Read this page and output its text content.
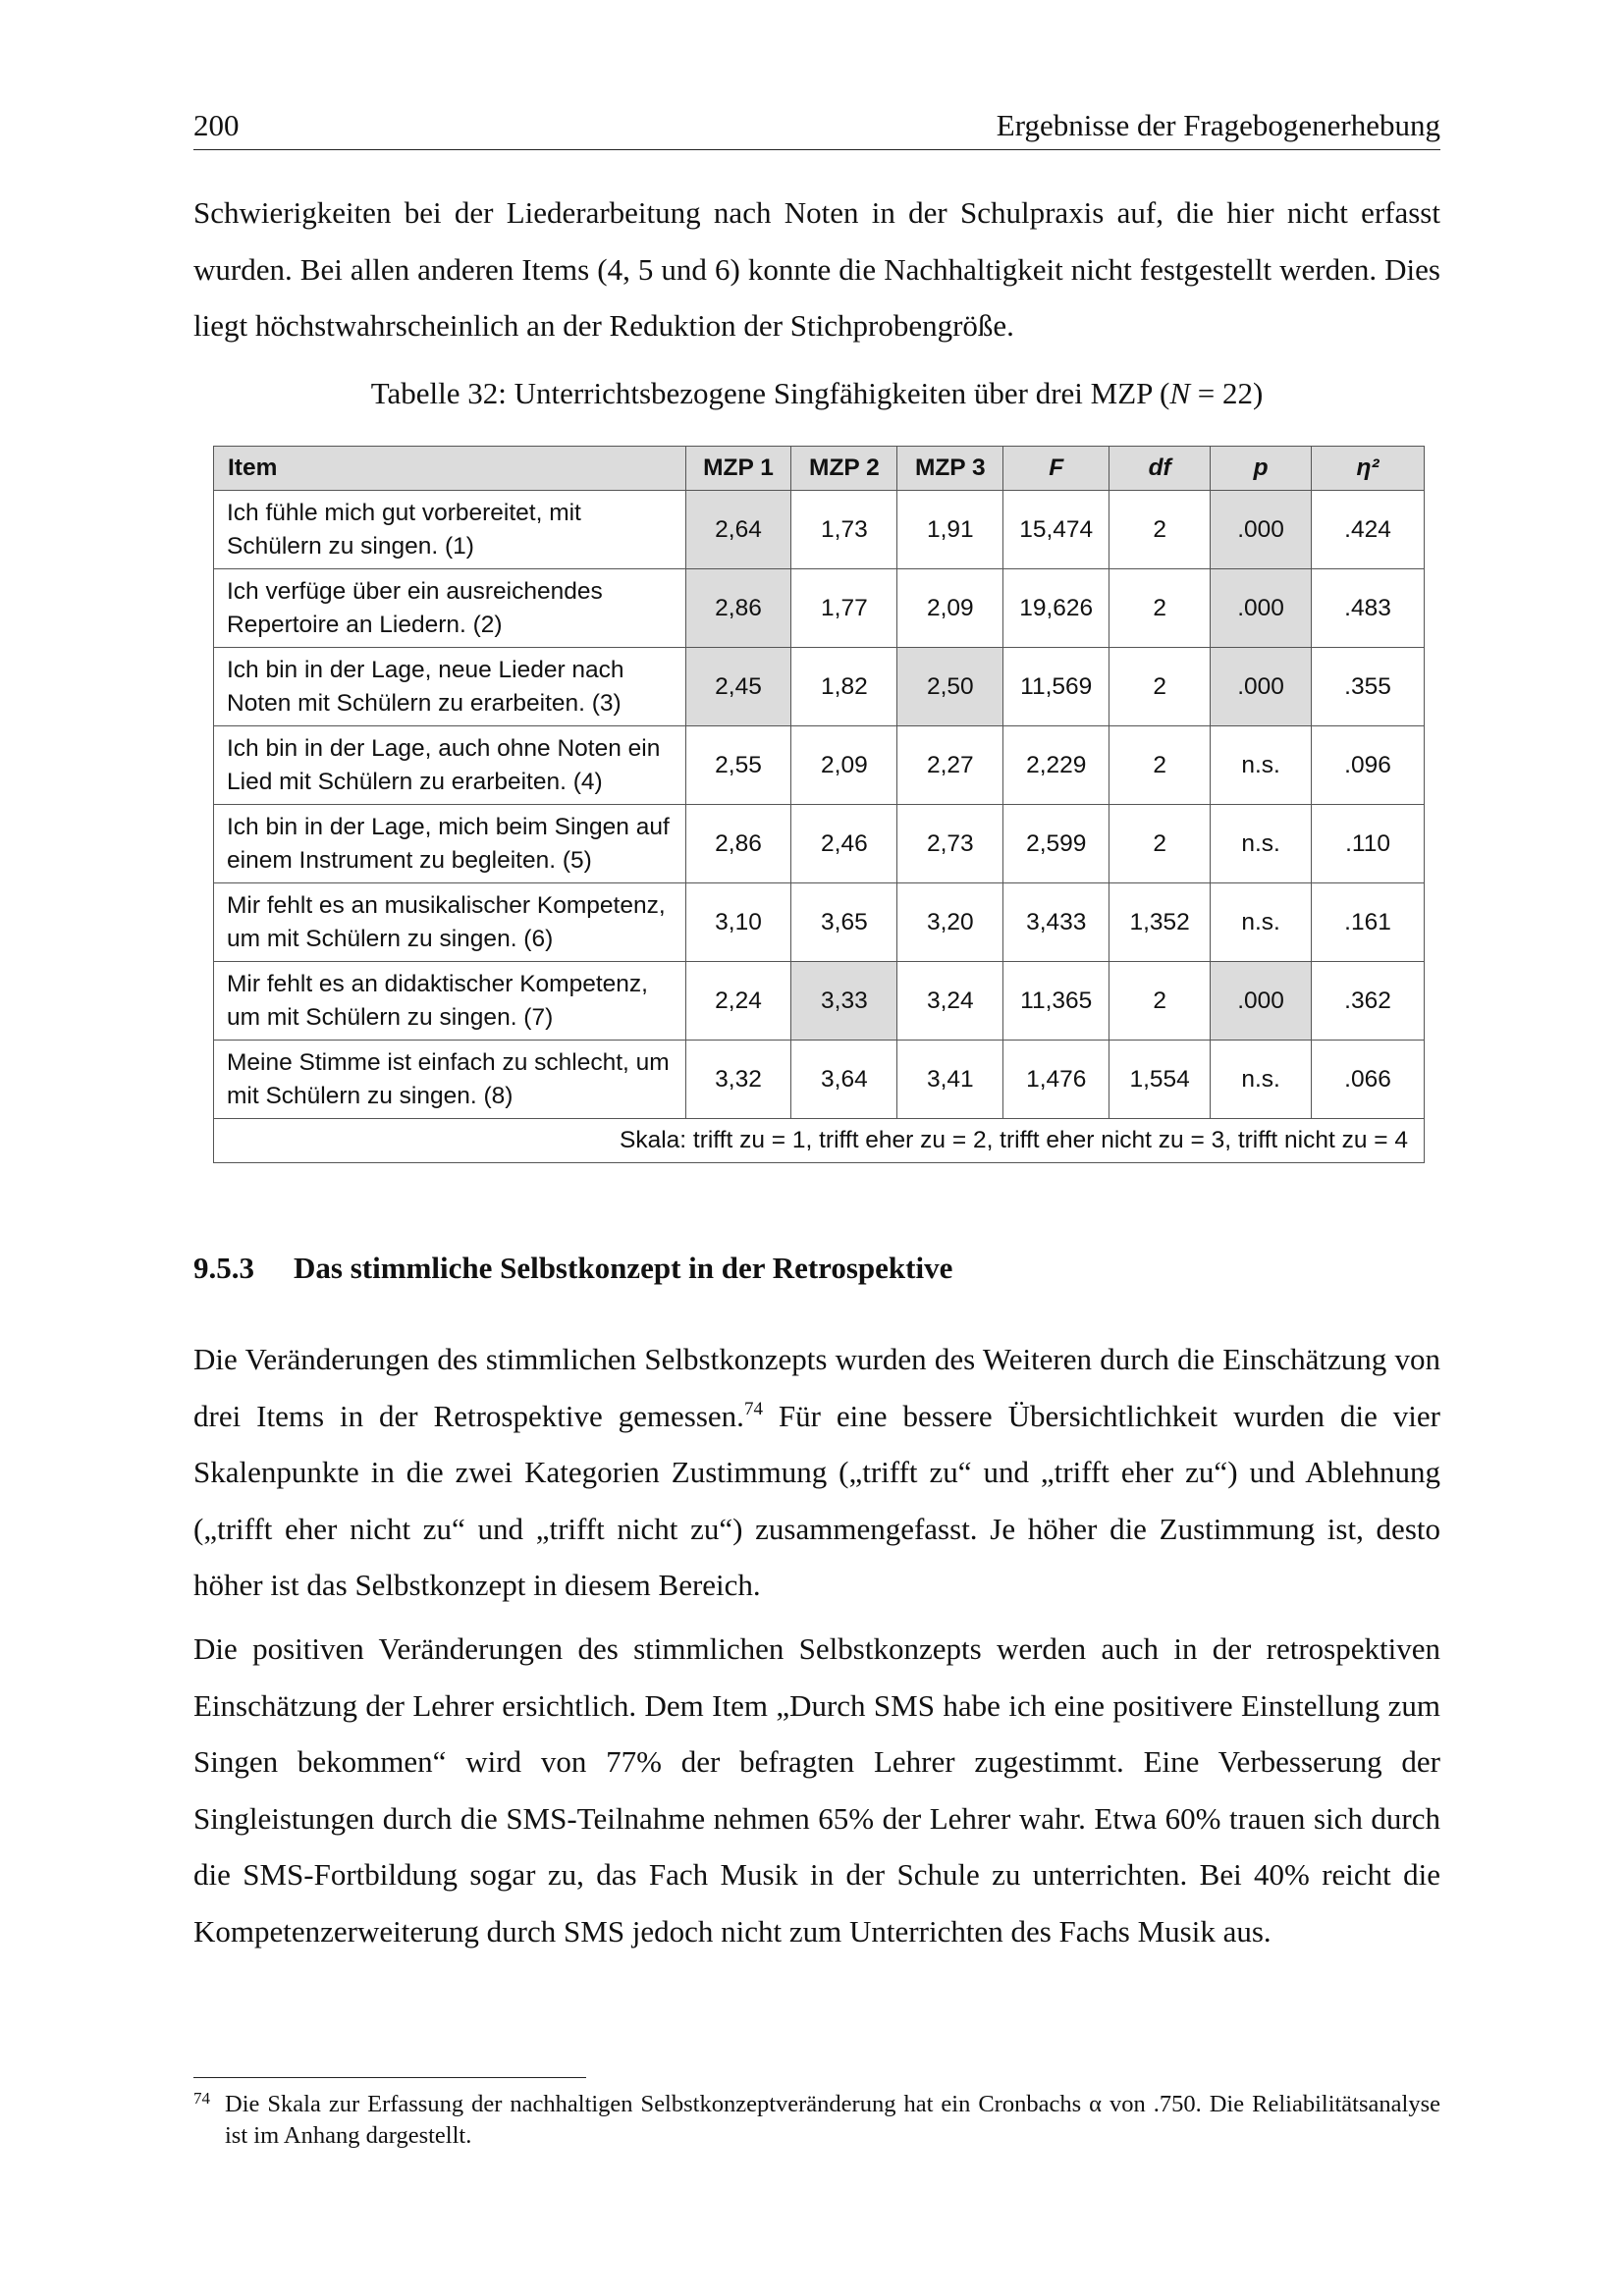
200	Ergebnisse der Fragebogenerhebung

Schwierigkeiten bei der Liederarbeitung nach Noten in der Schulpraxis auf, die hier nicht erfasst wurden. Bei allen anderen Items (4, 5 und 6) konnte die Nachhaltigkeit nicht festgestellt werden. Dies liegt höchstwahrscheinlich an der Reduktion der Stichprobengröße.

Tabelle 32: Unterrichtsbezogene Singfähigkeiten über drei MZP (N = 22)
Item	MZP 1	MZP 2	MZP 3	F	df	p	η²
Ich fühle mich gut vorbereitet, mit Schülern zu singen. (1)	2,64	1,73	1,91	15,474	2	.000	.424
Ich verfüge über ein ausreichendes Repertoire an Liedern. (2)	2,86	1,77	2,09	19,626	2	.000	.483
Ich bin in der Lage, neue Lieder nach Noten mit Schülern zu erarbeiten. (3)	2,45	1,82	2,50	11,569	2	.000	.355
Ich bin in der Lage, auch ohne Noten ein Lied mit Schülern zu erarbeiten. (4)	2,55	2,09	2,27	2,229	2	n.s.	.096
Ich bin in der Lage, mich beim Singen auf einem Instrument zu begleiten. (5)	2,86	2,46	2,73	2,599	2	n.s.	.110
Mir fehlt es an musikalischer Kompetenz, um mit Schülern zu singen. (6)	3,10	3,65	3,20	3,433	1,352	n.s.	.161
Mir fehlt es an didaktischer Kompetenz, um mit Schülern zu singen. (7)	2,24	3,33	3,24	11,365	2	.000	.362
Meine Stimme ist einfach zu schlecht, um mit Schülern zu singen. (8)	3,32	3,64	3,41	1,476	1,554	n.s.	.066
Skala: trifft zu = 1, trifft eher zu = 2, trifft eher nicht zu = 3, trifft nicht zu = 4							
9.5.3 Das stimmliche Selbstkonzept in der Retrospektive

Die Veränderungen des stimmlichen Selbstkonzepts wurden des Weiteren durch die Einschätzung von drei Items in der Retrospektive gemessen.$^{74}$ Für eine bessere Übersichtlichkeit wurden die vier Skalenpunkte in die zwei Kategorien Zustimmung („trifft zu“ und „trifft eher zu“) und Ablehnung („trifft eher nicht zu“ und „trifft nicht zu“) zusammengefasst. Je höher die Zustimmung ist, desto höher ist das Selbstkonzept in diesem Bereich.

Die positiven Veränderungen des stimmlichen Selbstkonzepts werden auch in der retrospektiven Einschätzung der Lehrer ersichtlich. Dem Item „Durch SMS habe ich eine positivere Einstellung zum Singen bekommen“ wird von 77% der befragten Lehrer zugestimmt. Eine Verbesserung der Singleistungen durch die SMS-Teilnahme nehmen 65% der Lehrer wahr. Etwa 60% trauen sich durch die SMS-Fortbildung sogar zu, das Fach Musik in der Schule zu unterrichten. Bei 40% reicht die Kompetenzerweiterung durch SMS jedoch nicht zum Unterrichten des Fachs Musik aus.

74 Die Skala zur Erfassung der nachhaltigen Selbstkonzeptveränderung hat ein Cronbachs α von .750. Die Reliabilitätsanalyse ist im Anhang dargestellt.
